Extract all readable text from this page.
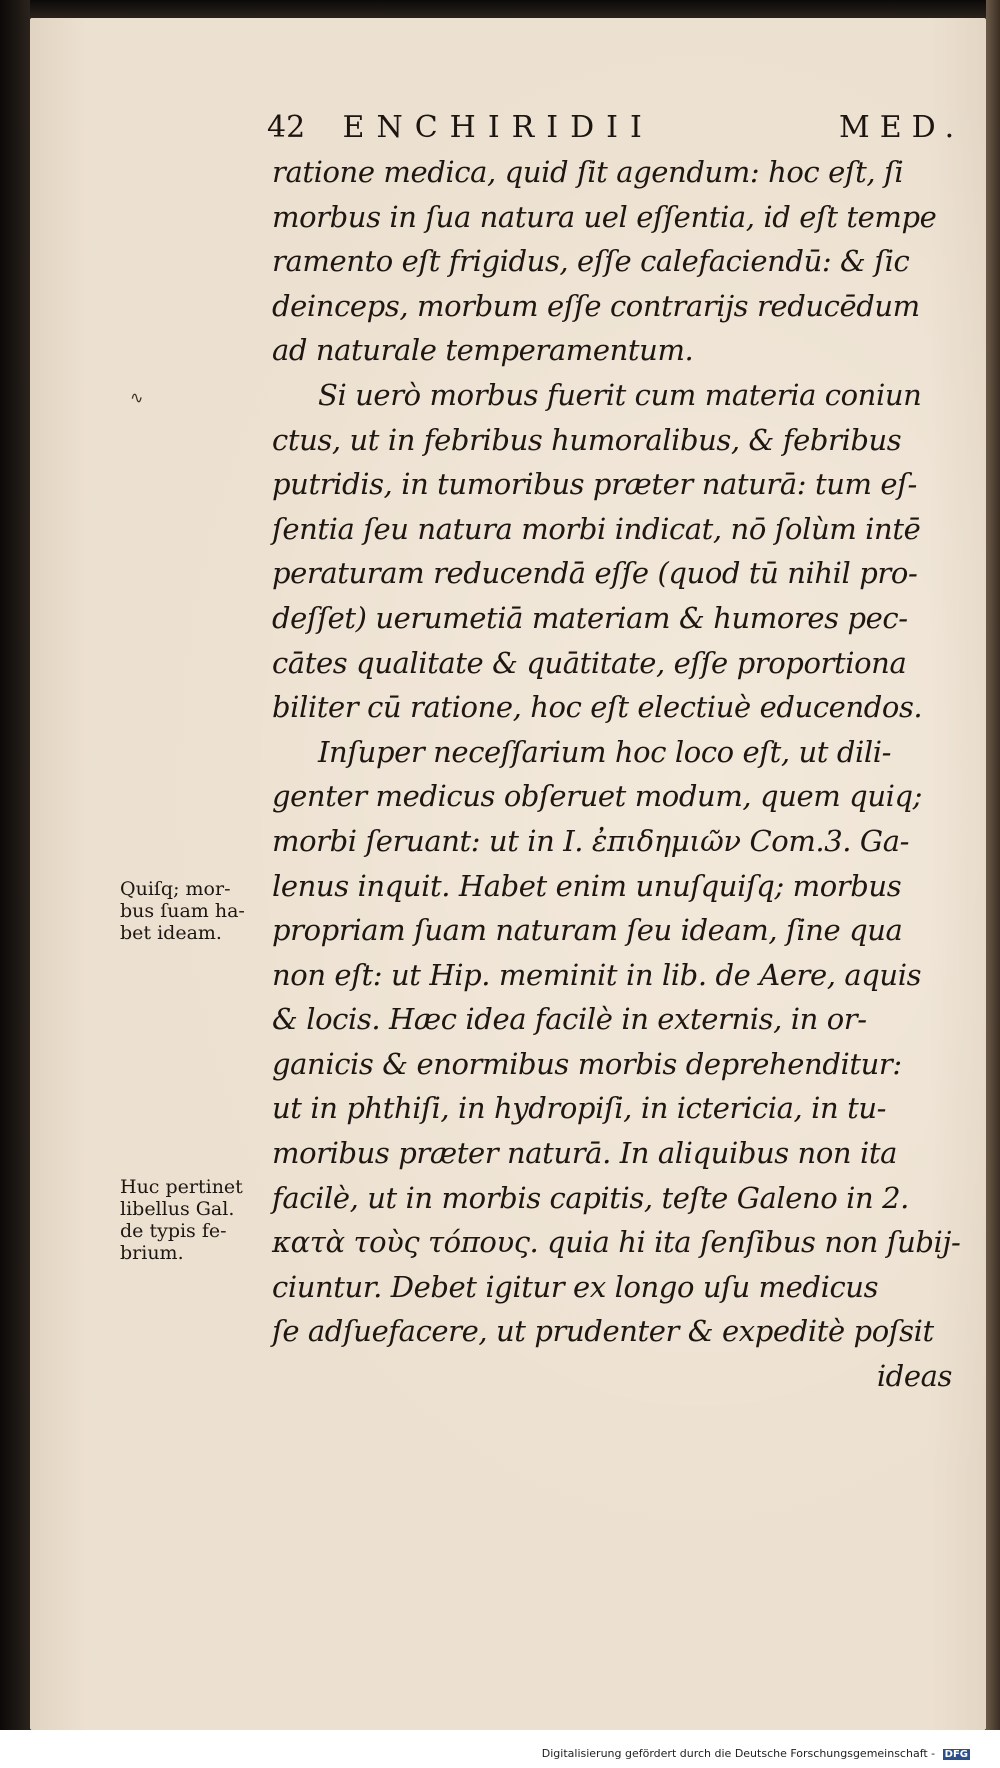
42 ENCHIRIDII	MED.
∿
ratione medica, quid ſit agendum: hoc eſt, ſi
morbus in ſua natura uel eſſentia, id eſt tempe
ramento eſt frigidus, eſſe calefaciendū: & ſic
deinceps, morbum eſſe contrarijs reducēdum
ad naturale temperamentum.
Si uerò morbus fuerit cum materia coniun
ctus, ut in febribus humoralibus, & febribus
putridis, in tumoribus præter naturā: tum eſ-
ſentia ſeu natura morbi indicat, nō ſolùm intē
peraturam reducendā eſſe (quod tū nihil pro-
deſſet) uerumetiā materiam & humores pec-
cātes qualitate & quātitate, eſſe proportiona
biliter cū ratione, hoc eſt electiuè educendos.
Inſuper neceſſarium hoc loco eſt, ut dili-
genter medicus obſeruet modum, quem quiq;
morbi ſeruant: ut in I. ἐπιδημιῶν Com.3. Ga-
lenus inquit. Habet enim unuſquiſq; morbus
propriam ſuam naturam ſeu ideam, ſine qua
non eſt: ut Hip. meminit in lib. de Aere, aquis
& locis. Hæc idea facilè in externis, in or-
ganicis & enormibus morbis deprehenditur:
ut in phthiſi, in hydropiſi, in ictericia, in tu-
moribus præter naturā. In aliquibus non ita
facilè, ut in morbis capitis, teſte Galeno in 2.
κατὰ τοὺς τόπους. quia hi ita ſenſibus non ſubij-
ciuntur. Debet igitur ex longo uſu medicus
ſe adſuefacere, ut prudenter & expeditè poſsit
ideas
Quiſq; mor-
bus ſuam ha-
bet ideam.
Huc pertinet
libellus Gal.
de typis fe-
brium.
Digitalisierung gefördert durch die Deutsche Forschungsgemeinschaft - DFG
